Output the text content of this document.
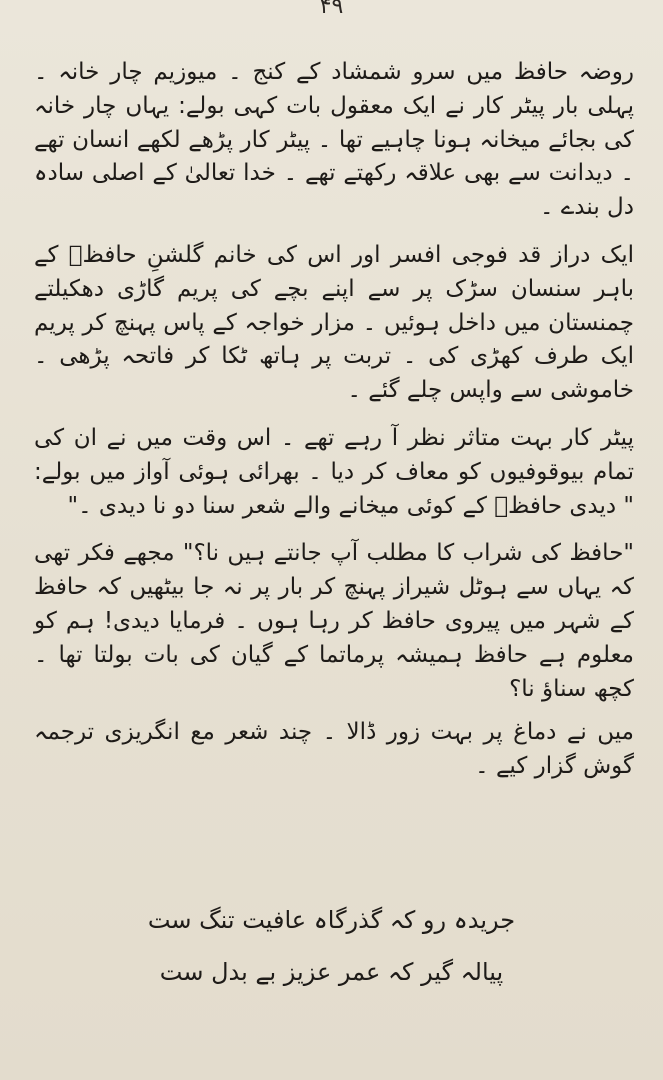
۴۹

روضہ حافظ میں سرو شمشاد کے کنج ۔ میوزیم چار خانہ ۔ پہلی بار پیٹر کار نے ایک معقول بات کہی بولے: یہاں چار خانہ کی بجائے میخانہ ہونا چاہیے تھا ۔ پیٹر کار پڑھے لکھے انسان تھے ۔ دیدانت سے بھی علاقہ رکھتے تھے ۔ خدا تعالیٰ کے اصلی سادہ دل بندے ۔

ایک دراز قد فوجی افسر اور اس کی خانم گلشنِ حافظؒ کے باہر سنسان سڑک پر سے اپنے بچے کی پریم گاڑی دھکیلتے چمنستان میں داخل ہوئیں ۔ مزار خواجہ کے پاس پہنچ کر پریم ایک طرف کھڑی کی ۔ تربت پر ہاتھ ٹکا کر فاتحہ پڑھی ۔ خاموشی سے واپس چلے گئے ۔

پیٹر کار بہت متاثر نظر آ رہے تھے ۔ اس وقت میں نے ان کی تمام بیوقوفیوں کو معاف کر دیا ۔ بھرائی ہوئی آواز میں بولے: " دیدی حافظؒ کے کوئی میخانے والے شعر سنا دو نا دیدی ۔"

"حافظ کی شراب کا مطلب آپ جانتے ہیں نا؟" مجھے فکر تھی کہ یہاں سے ہوٹل شیراز پہنچ کر بار پر نہ جا بیٹھیں کہ حافظ کے شہر میں پیروی حافظ کر رہا ہوں ۔ فرمایا دیدی! ہم کو معلوم ہے حافظ ہمیشہ پرماتما کے گیان کی بات بولتا تھا ۔ کچھ سناؤ نا؟

میں نے دماغ پر بہت زور ڈالا ۔ چند شعر مع انگریزی ترجمہ گوش گزار کیے ۔

جریدہ رو کہ گذرگاہ عافیت تنگ ست
پیالہ گیر کہ عمر عزیز بے بدل ست
